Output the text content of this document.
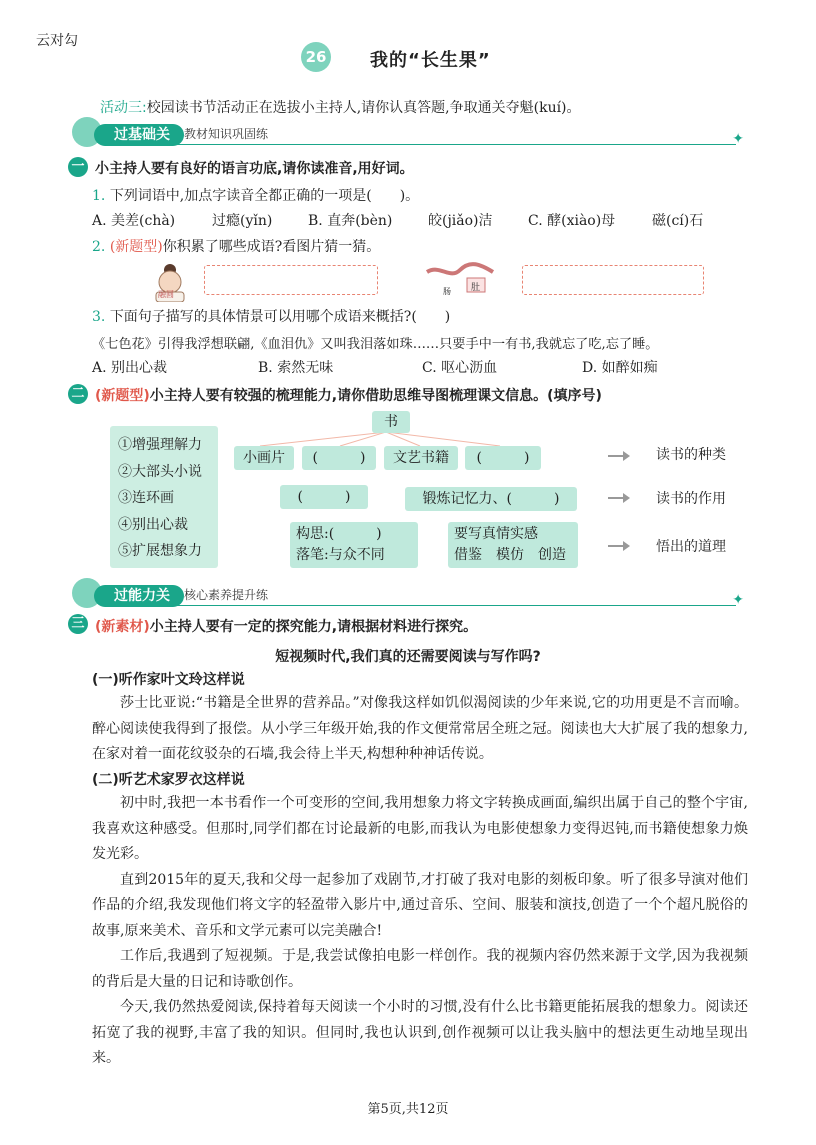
云对勾
26 我的“长生果”
活动三:校园读书节活动正在选拔小主持人,请你认真答题,争取通关夺魁(kuí)。
过基础关	教材知识巩固练	✦
一 小主持人要有良好的语言功底,请你读准音,用好词。
1. 下列词语中,加点字读音全都正确的一项是(　　)。
A. 美差(chà)	过瘾(yǐn)	B. 直奔(bèn)	皎(jiǎo)洁	C. 酵(xiào)母	磁(cí)石
2. (新题型)你积累了哪些成语?看图片猜一猜。
融圆	肠 肚
3. 下面句子描写的具体情景可以用哪个成语来概括?(　　)
《七色花》引得我浮想联翩,《血泪仇》又叫我泪落如珠……只要手中一有书,我就忘了吃,忘了睡。
A. 别出心裁	B. 索然无味	C. 呕心沥血	D. 如醉如痴
二 (新题型)小主持人要有较强的梳理能力,请你借助思维导图梳理课文信息。(填序号)
①增强理解力
②大部头小说
③连环画
④别出心裁
⑤扩展想象力
书
小画片	(　　　)	文艺书籍	(　　　)
(　　　)	锻炼记忆力、(　　　)
构思:(　　　)
落笔:与众不同
要写真情实感
借鉴　模仿　创造
读书的种类
读书的作用
悟出的道理
过能力关	核心素养提升练	✦
三 (新素材)小主持人要有一定的探究能力,请根据材料进行探究。
短视频时代,我们真的还需要阅读与写作吗?
(一)听作家叶文玲这样说
莎士比亚说:“书籍是全世界的营养品。”对像我这样如饥似渴阅读的少年来说,它的功用更是不言而喻。醉心阅读使我得到了报偿。从小学三年级开始,我的作文便常常居全班之冠。阅读也大大扩展了我的想象力,在家对着一面花纹驳杂的石墙,我会待上半天,构想种种神话传说。
(二)听艺术家罗衣这样说
初中时,我把一本书看作一个可变形的空间,我用想象力将文字转换成画面,编织出属于自己的整个宇宙,我喜欢这种感受。但那时,同学们都在讨论最新的电影,而我认为电影使想象力变得迟钝,而书籍使想象力焕发光彩。
直到2015年的夏天,我和父母一起参加了戏剧节,才打破了我对电影的刻板印象。听了很多导演对他们作品的介绍,我发现他们将文字的轻盈带入影片中,通过音乐、空间、服装和演技,创造了一个个超凡脱俗的故事,原来美术、音乐和文学元素可以完美融合!
工作后,我遇到了短视频。于是,我尝试像拍电影一样创作。我的视频内容仍然来源于文学,因为我视频的背后是大量的日记和诗歌创作。
今天,我仍然热爱阅读,保持着每天阅读一个小时的习惯,没有什么比书籍更能拓展我的想象力。阅读还拓宽了我的视野,丰富了我的知识。但同时,我也认识到,创作视频可以让我头脑中的想法更生动地呈现出来。
第5页,共12页
